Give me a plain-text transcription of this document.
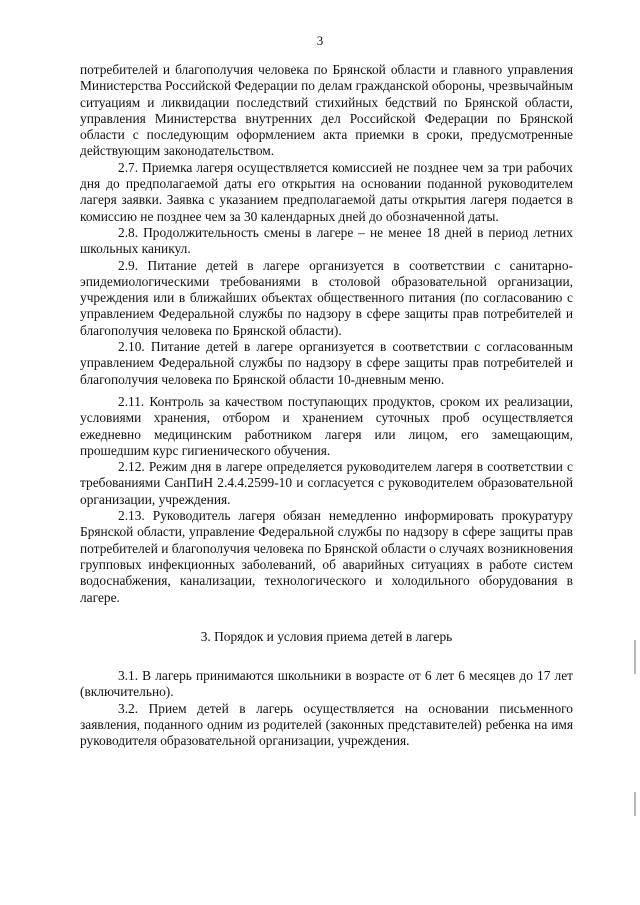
3

потребителей и благополучия человека по Брянской области и главного управления Министерства Российской Федерации по делам гражданской обороны, чрезвычайным ситуациям и ликвидации последствий стихийных бедствий по Брянской области, управления Министерства внутренних дел Российской Федерации по Брянской области с последующим оформлением акта приемки в сроки, предусмотренные действующим законодательством.

2.7. Приемка лагеря осуществляется комиссией не позднее чем за три рабочих дня до предполагаемой даты его открытия на основании поданной руководителем лагеря заявки. Заявка с указанием предполагаемой даты открытия лагеря подается в комиссию не позднее чем за 30 календарных дней до обозначенной даты.

2.8. Продолжительность смены в лагере – не менее 18 дней в период летних школьных каникул.

2.9. Питание детей в лагере организуется в соответствии с санитарно-эпидемиологическими требованиями в столовой образовательной организации, учреждения или в ближайших объектах общественного питания (по согласованию с управлением Федеральной службы по надзору в сфере защиты прав потребителей и благополучия человека по Брянской области).

2.10. Питание детей в лагере организуется в соответствии с согласованным управлением Федеральной службы по надзору в сфере защиты прав потребителей и благополучия человека по Брянской области 10-дневным меню.

2.11. Контроль за качеством поступающих продуктов, сроком их реализации, условиями хранения, отбором и хранением суточных проб осуществляется ежедневно медицинским работником лагеря или лицом, его замещающим, прошедшим курс гигиенического обучения.

2.12. Режим дня в лагере определяется руководителем лагеря в соответствии с требованиями СанПиН 2.4.4.2599-10 и согласуется с руководителем образовательной организации, учреждения.

2.13. Руководитель лагеря обязан немедленно информировать прокуратуру Брянской области, управление Федеральной службы по надзору в сфере защиты прав потребителей и благополучия человека по Брянской области о случаях возникновения групповых инфекционных заболеваний, об аварийных ситуациях в работе систем водоснабжения, канализации, технологического и холодильного оборудования в лагере.

3. Порядок и условия приема детей в лагерь

3.1. В лагерь принимаются школьники в возрасте от 6 лет 6 месяцев до 17 лет (включительно).

3.2. Прием детей в лагерь осуществляется на основании письменного заявления, поданного одним из родителей (законных представителей) ребенка на имя руководителя образовательной организации, учреждения.
